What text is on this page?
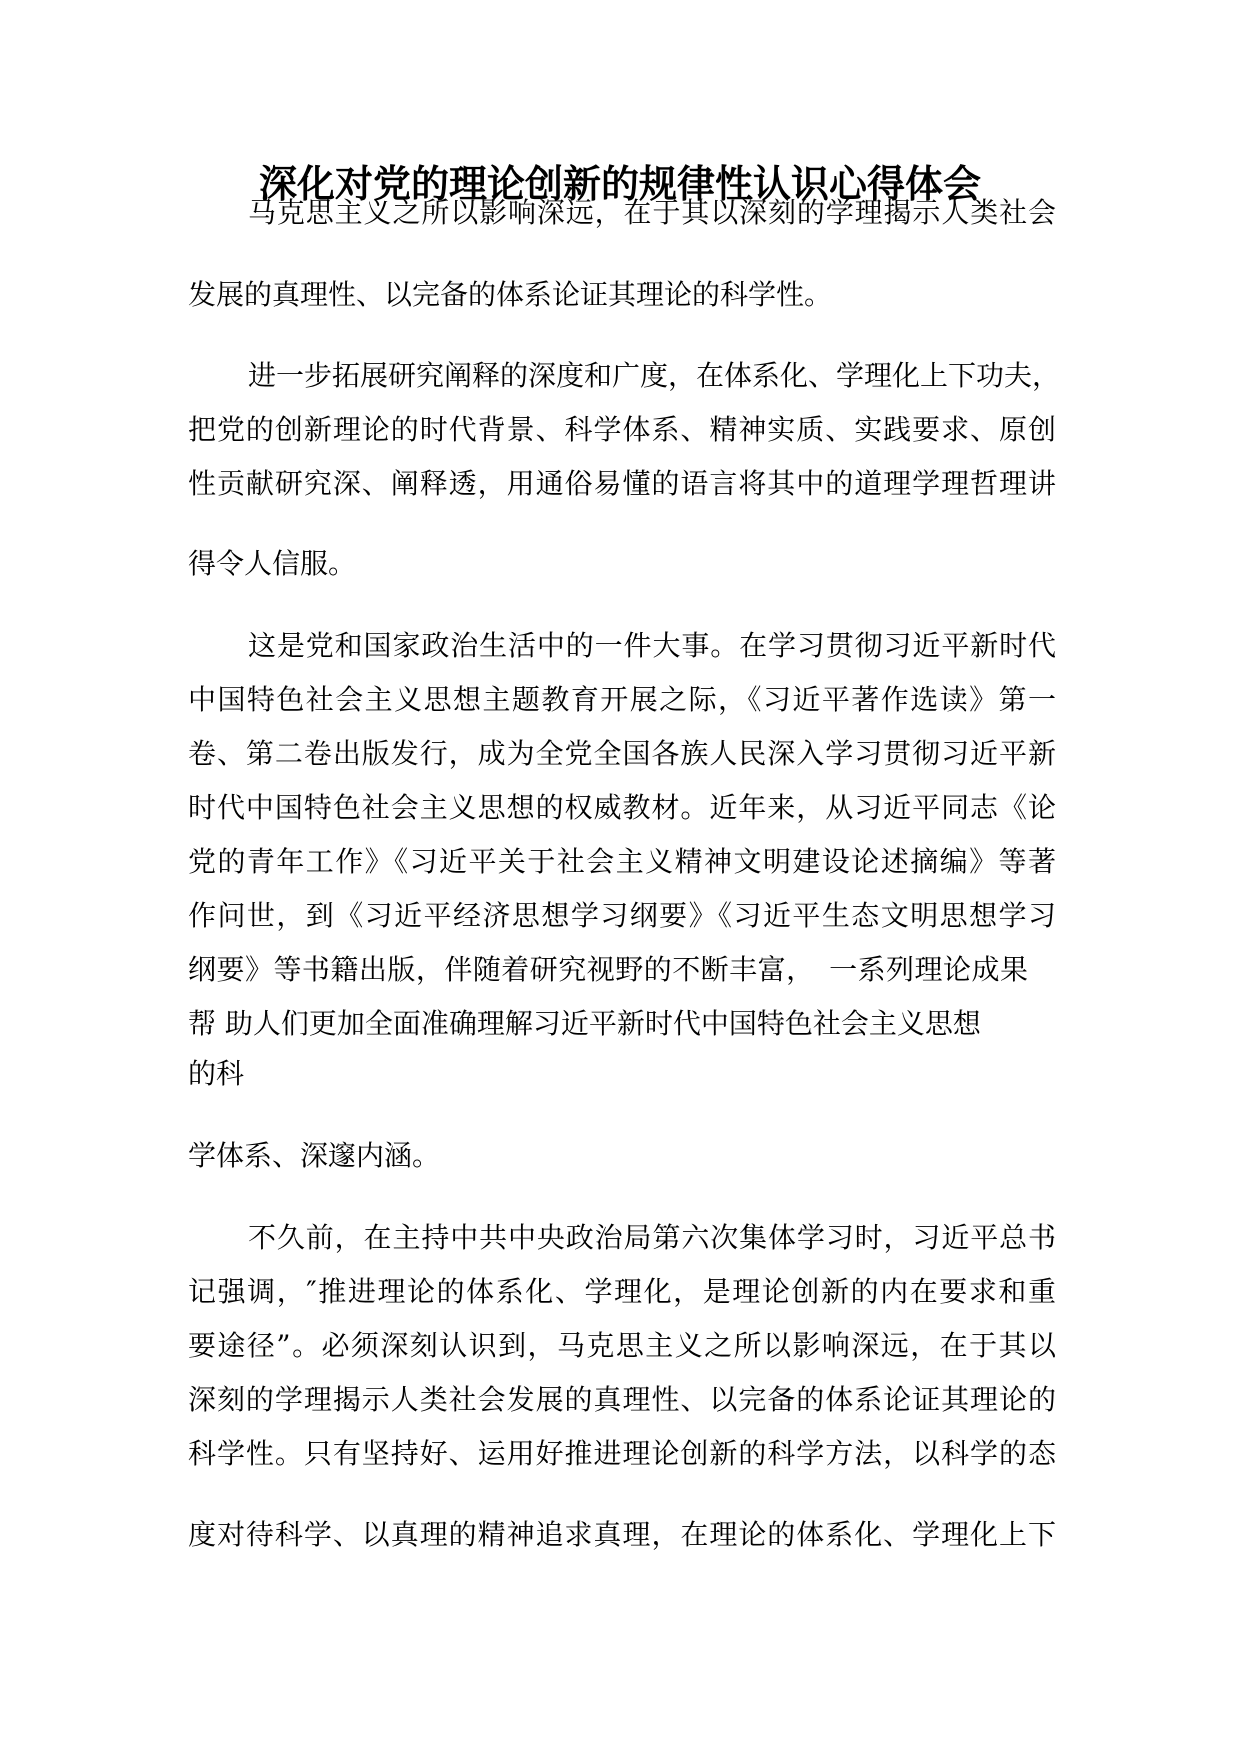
深化对党的理论创新的规律性认识心得体会

马克思主义之所以影响深远，在于其以深刻的学理揭示人类社会

发展的真理性、以完备的体系论证其理论的科学性。

进一步拓展研究阐释的深度和广度，在体系化、学理化上下功夫，

把党的创新理论的时代背景、科学体系、精神实质、实践要求、原创

性贡献研究深、阐释透，用通俗易懂的语言将其中的道理学理哲理讲

得令人信服。

这是党和国家政治生活中的一件大事。在学习贯彻习近平新时代

中国特色社会主义思想主题教育开展之际，《习近平著作选读》第一

卷、第二卷出版发行，成为全党全国各族人民深入学习贯彻习近平新

时代中国特色社会主义思想的权威教材。近年来，从习近平同志《论

党的青年工作》《习近平关于社会主义精神文明建设论述摘编》等著

作问世，到《习近平经济思想学习纲要》《习近平生态文明思想学习

纲要》等书籍出版，伴随着研究视野的不断丰富，　一系列理论成果

帮 助人们更加全面准确理解习近平新时代中国特色社会主义思想

的科

学体系、深邃内涵。

不久前，在主持中共中央政治局第六次集体学习时，习近平总书

记强调，″推进理论的体系化、学理化，是理论创新的内在要求和重

要途径”。必须深刻认识到，马克思主义之所以影响深远，在于其以

深刻的学理揭示人类社会发展的真理性、以完备的体系论证其理论的

科学性。只有坚持好、运用好推进理论创新的科学方法，以科学的态

度对待科学、以真理的精神追求真理，在理论的体系化、学理化上下
